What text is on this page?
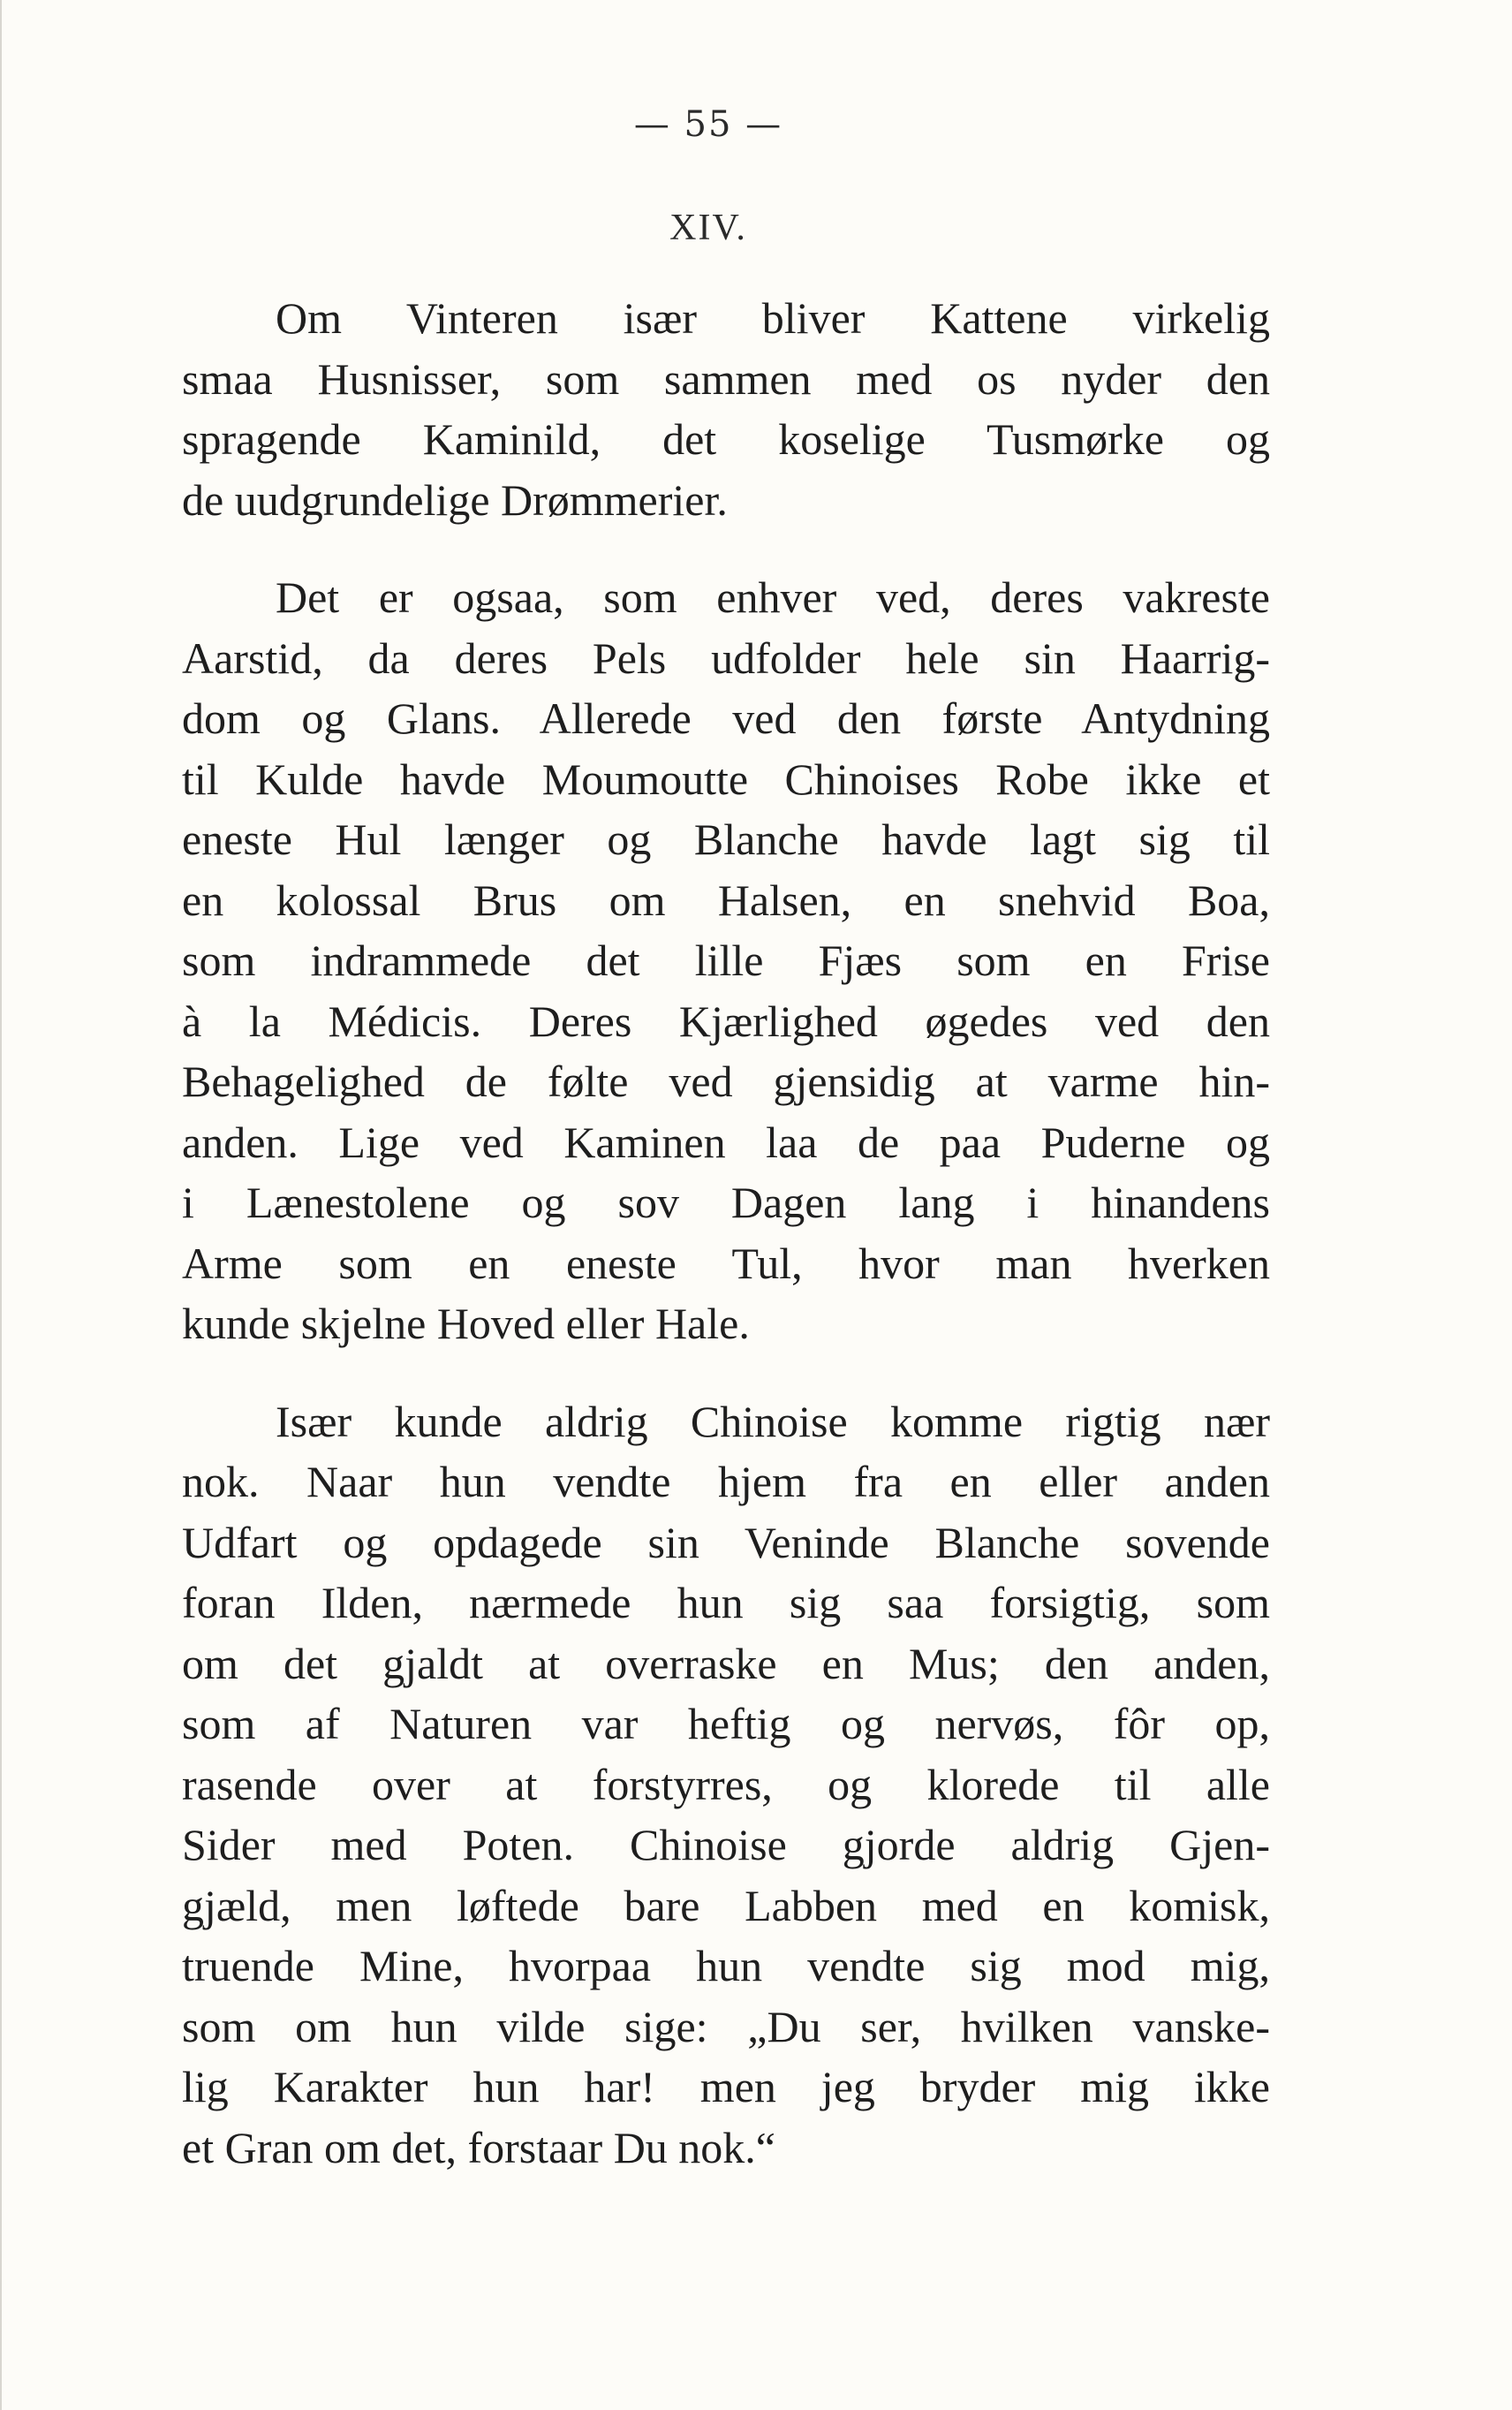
— 55 —
XIV.
Om Vinteren især bliver Kattene virkelig
smaa Husnisser, som sammen med os nyder den
spragende Kaminild, det koselige Tusmørke og
de uudgrundelige Drømmerier.
Det er ogsaa, som enhver ved, deres vakreste
Aarstid, da deres Pels udfolder hele sin Haarrig-
dom og Glans. Allerede ved den første Antydning
til Kulde havde Moumoutte Chinoises Robe ikke et
eneste Hul længer og Blanche havde lagt sig til
en kolossal Brus om Halsen, en snehvid Boa,
som indrammede det lille Fjæs som en Frise
à la Médicis. Deres Kjærlighed øgedes ved den
Behagelighed de følte ved gjensidig at varme hin-
anden. Lige ved Kaminen laa de paa Puderne og
i Lænestolene og sov Dagen lang i hinandens
Arme som en eneste Tul, hvor man hverken
kunde skjelne Hoved eller Hale.
Især kunde aldrig Chinoise komme rigtig nær
nok. Naar hun vendte hjem fra en eller anden
Udfart og opdagede sin Veninde Blanche sovende
foran Ilden, nærmede hun sig saa forsigtig, som
om det gjaldt at overraske en Mus; den anden,
som af Naturen var heftig og nervøs, fôr op,
rasende over at forstyrres, og klorede til alle
Sider med Poten. Chinoise gjorde aldrig Gjen-
gjæld, men løftede bare Labben med en komisk,
truende Mine, hvorpaa hun vendte sig mod mig,
som om hun vilde sige: „Du ser, hvilken vanske-
lig Karakter hun har! men jeg bryder mig ikke
et Gran om det, forstaar Du nok.“
